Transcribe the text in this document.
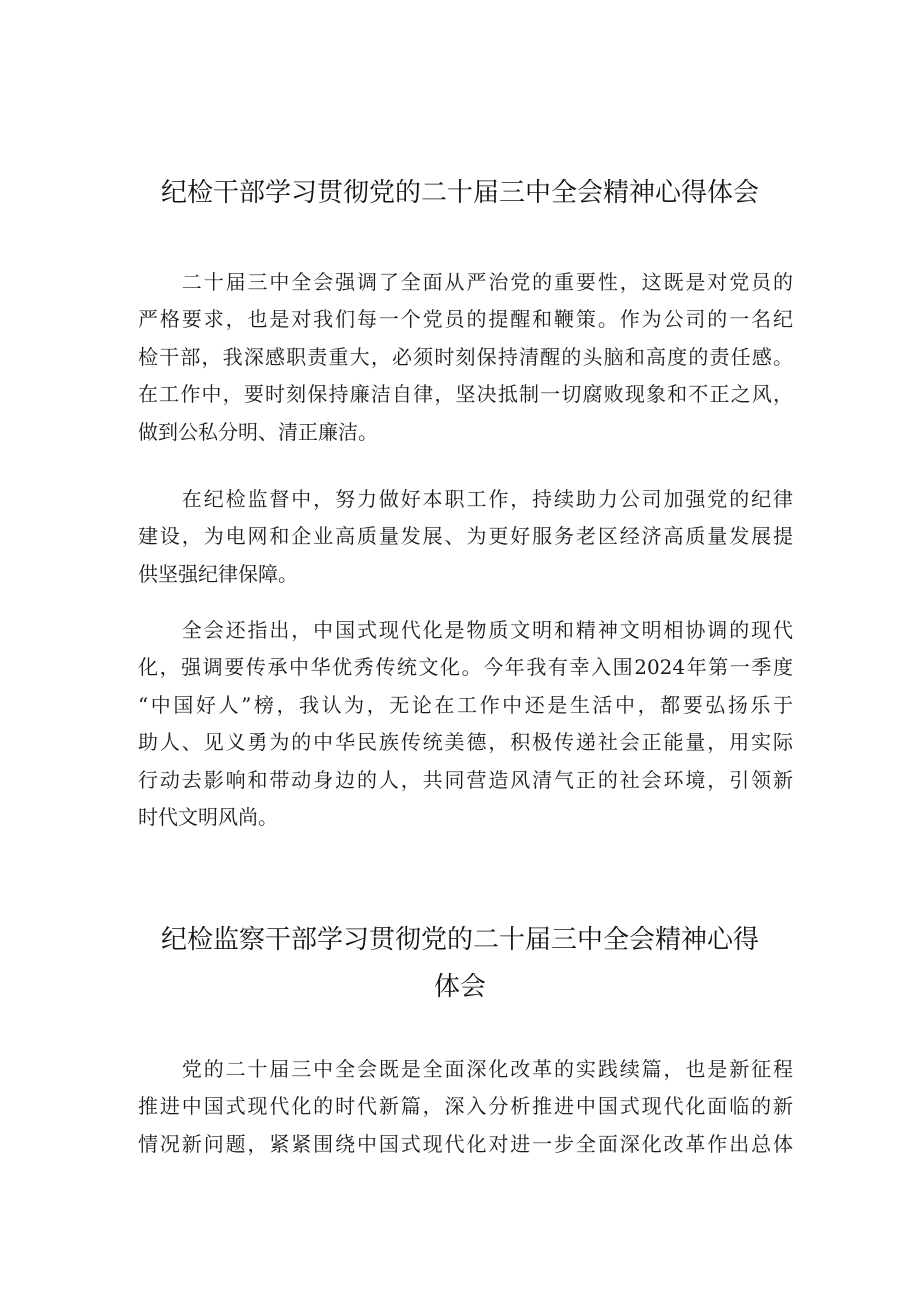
纪检干部学习贯彻党的二十届三中全会精神心得体会
　　二十届三中全会强调了全面从严治党的重要性，这既是对党员的
严格要求，也是对我们每一个党员的提醒和鞭策。作为公司的一名纪
检干部，我深感职责重大，必须时刻保持清醒的头脑和高度的责任感。
在工作中，要时刻保持廉洁自律，坚决抵制一切腐败现象和不正之风，
做到公私分明、清正廉洁。
　　在纪检监督中，努力做好本职工作，持续助力公司加强党的纪律
建设，为电网和企业高质量发展、为更好服务老区经济高质量发展提
供坚强纪律保障。
　　全会还指出，中国式现代化是物质文明和精神文明相协调的现代
化，强调要传承中华优秀传统文化。今年我有幸入围2024年第一季度
“中国好人”榜，我认为，无论在工作中还是生活中，都要弘扬乐于
助人、见义勇为的中华民族传统美德，积极传递社会正能量，用实际
行动去影响和带动身边的人，共同营造风清气正的社会环境，引领新
时代文明风尚。
纪检监察干部学习贯彻党的二十届三中全会精神心得
体会
　　党的二十届三中全会既是全面深化改革的实践续篇，也是新征程
推进中国式现代化的时代新篇，深入分析推进中国式现代化面临的新
情况新问题，紧紧围绕中国式现代化对进一步全面深化改革作出总体
